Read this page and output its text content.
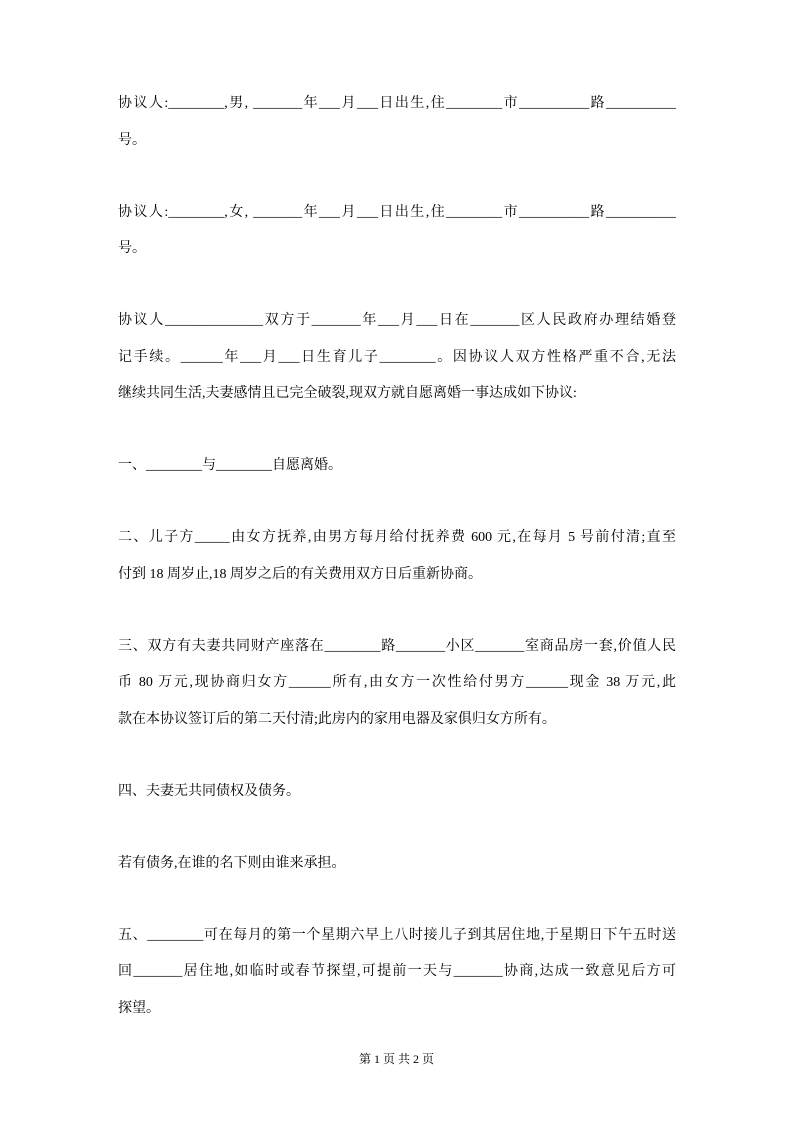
协议人:________,男, _______年___月___日出生,住________市__________路__________
号。
协议人:________,女, _______年___月___日出生,住________市__________路__________
号。
协议人______________双方于_______年___月___日在_______区人民政府办理结婚登
记手续。______年___月___日生育儿子________。因协议人双方性格严重不合,无法
继续共同生活,夫妻感情且已完全破裂,现双方就自愿离婚一事达成如下协议:
一、________与________自愿离婚。
二、儿子方_____由女方抚养,由男方每月给付抚养费 600 元,在每月 5 号前付清;直至
付到 18 周岁止,18 周岁之后的有关费用双方日后重新协商。
三、双方有夫妻共同财产座落在________路_______小区_______室商品房一套,价值人民
币 80 万元,现协商归女方______所有,由女方一次性给付男方______现金 38 万元,此
款在本协议签订后的第二天付清;此房内的家用电器及家俱归女方所有。
四、夫妻无共同债权及债务。
若有债务,在谁的名下则由谁来承担。
五、________可在每月的第一个星期六早上八时接儿子到其居住地,于星期日下午五时送
回_______居住地,如临时或春节探望,可提前一天与_______协商,达成一致意见后方可
探望。
第 1 页 共 2 页
